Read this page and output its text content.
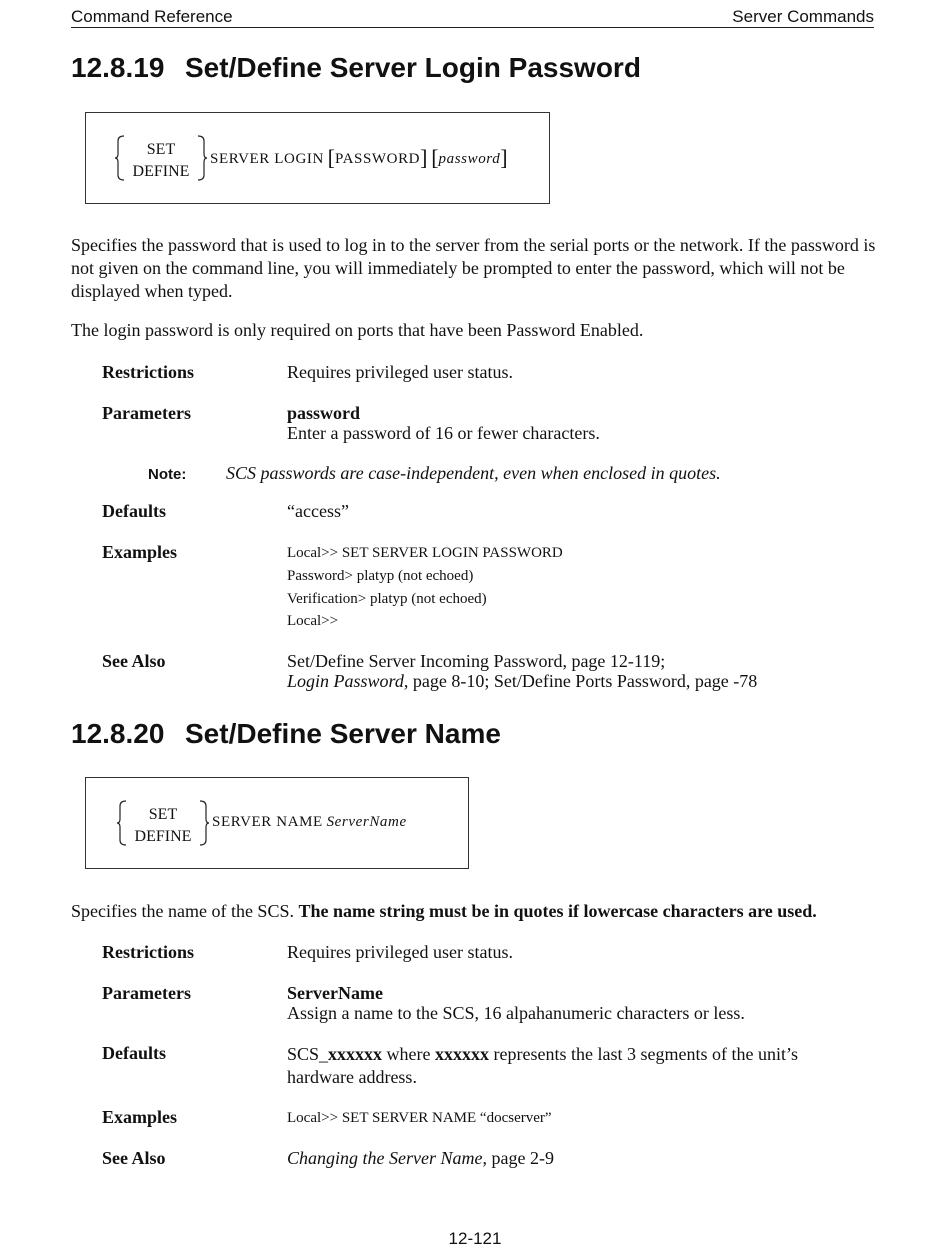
Command Reference	Server Commands
12.8.19 Set/Define Server Login Password
SET
DEFINE
SERVER LOGIN [PASSWORD] [password]
Specifies the password that is used to log in to the server from the serial ports or the network. If the password is not given on the command line, you will immediately be prompted to enter the password, which will not be displayed when typed.
The login password is only required on ports that have been Password Enabled.
Restrictions	Requires privileged user status.
Parameters	password
Enter a password of 16 or fewer characters.
Note: SCS passwords are case-independent, even when enclosed in quotes.
Defaults	“access”
Examples	Local>> SET SERVER LOGIN PASSWORD
Password> platyp (not echoed)
Verification> platyp (not echoed)
Local>>
See Also	Set/Define Server Incoming Password, page 12-119;
Login Password, page 8-10; Set/Define Ports Password, page -78
12.8.20 Set/Define Server Name
SET
DEFINE
SERVER NAME ServerName
Specifies the name of the SCS. The name string must be in quotes if lowercase characters are used.
Restrictions	Requires privileged user status.
Parameters	ServerName
Assign a name to the SCS, 16 alpahanumeric characters or less.
Defaults	SCS_xxxxxx where xxxxxx represents the last 3 segments of the unit’s hardware address.
Examples	Local>> SET SERVER NAME “docserver”
See Also	Changing the Server Name, page 2-9
12-121
